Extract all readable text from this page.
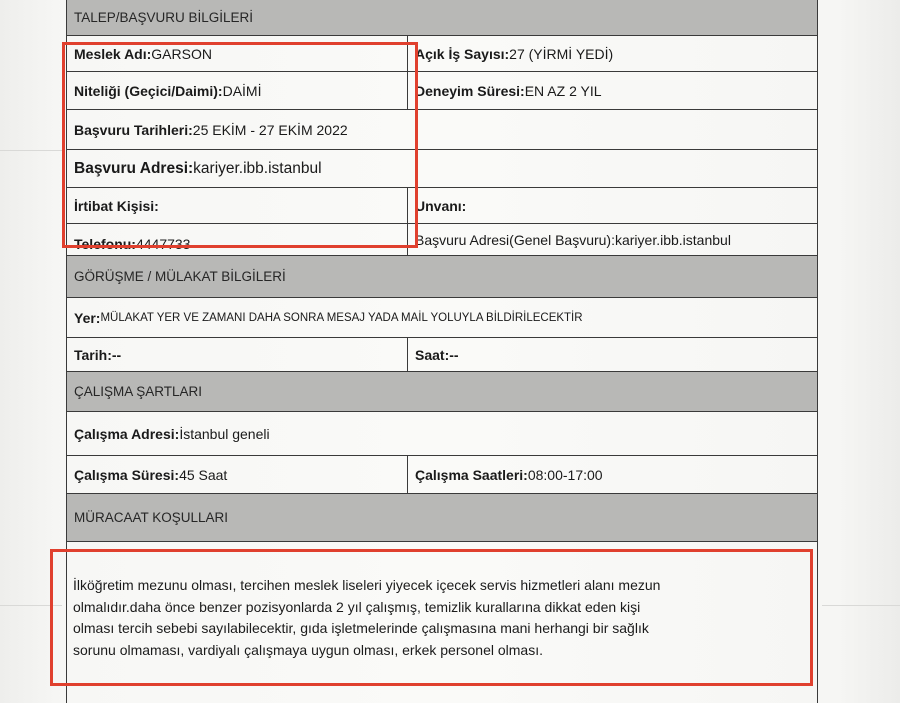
TALEP/BAŞVURU BİLGİLERİ
Meslek Adı: GARSON	Açık İş Sayısı: 27 (YİRMİ YEDİ)
Niteliği (Geçici/Daimi): DAİMİ	Deneyim Süresi: EN AZ 2 YIL
Başvuru Tarihleri: 25 EKİM - 27 EKİM 2022
Başvuru Adresi: kariyer.ibb.istanbul
İrtibat Kişisi:	Unvanı:
Telefonu: 4447733	Başvuru Adresi(Genel Başvuru): kariyer.ibb.istanbul
GÖRÜŞME / MÜLAKAT BİLGİLERİ
Yer: MÜLAKAT YER VE ZAMANI DAHA SONRA MESAJ YADA MAİL YOLUYLA BİLDİRİLECEKTİR
Tarih:--	Saat:--
ÇALIŞMA ŞARTLARI
Çalışma Adresi: İstanbul geneli
Çalışma Süresi: 45 Saat	Çalışma Saatleri: 08:00-17:00
MÜRACAAT KOŞULLARI
İlköğretim mezunu olması, tercihen meslek liseleri yiyecek içecek servis hizmetleri alanı mezun
olmalıdır.daha önce benzer pozisyonlarda 2 yıl çalışmış, temizlik kurallarına dikkat eden kişi
olması tercih sebebi sayılabilecektir, gıda işletmelerinde çalışmasına mani herhangi bir sağlık
sorunu olmaması, vardiyalı çalışmaya uygun olması, erkek personel olması.
